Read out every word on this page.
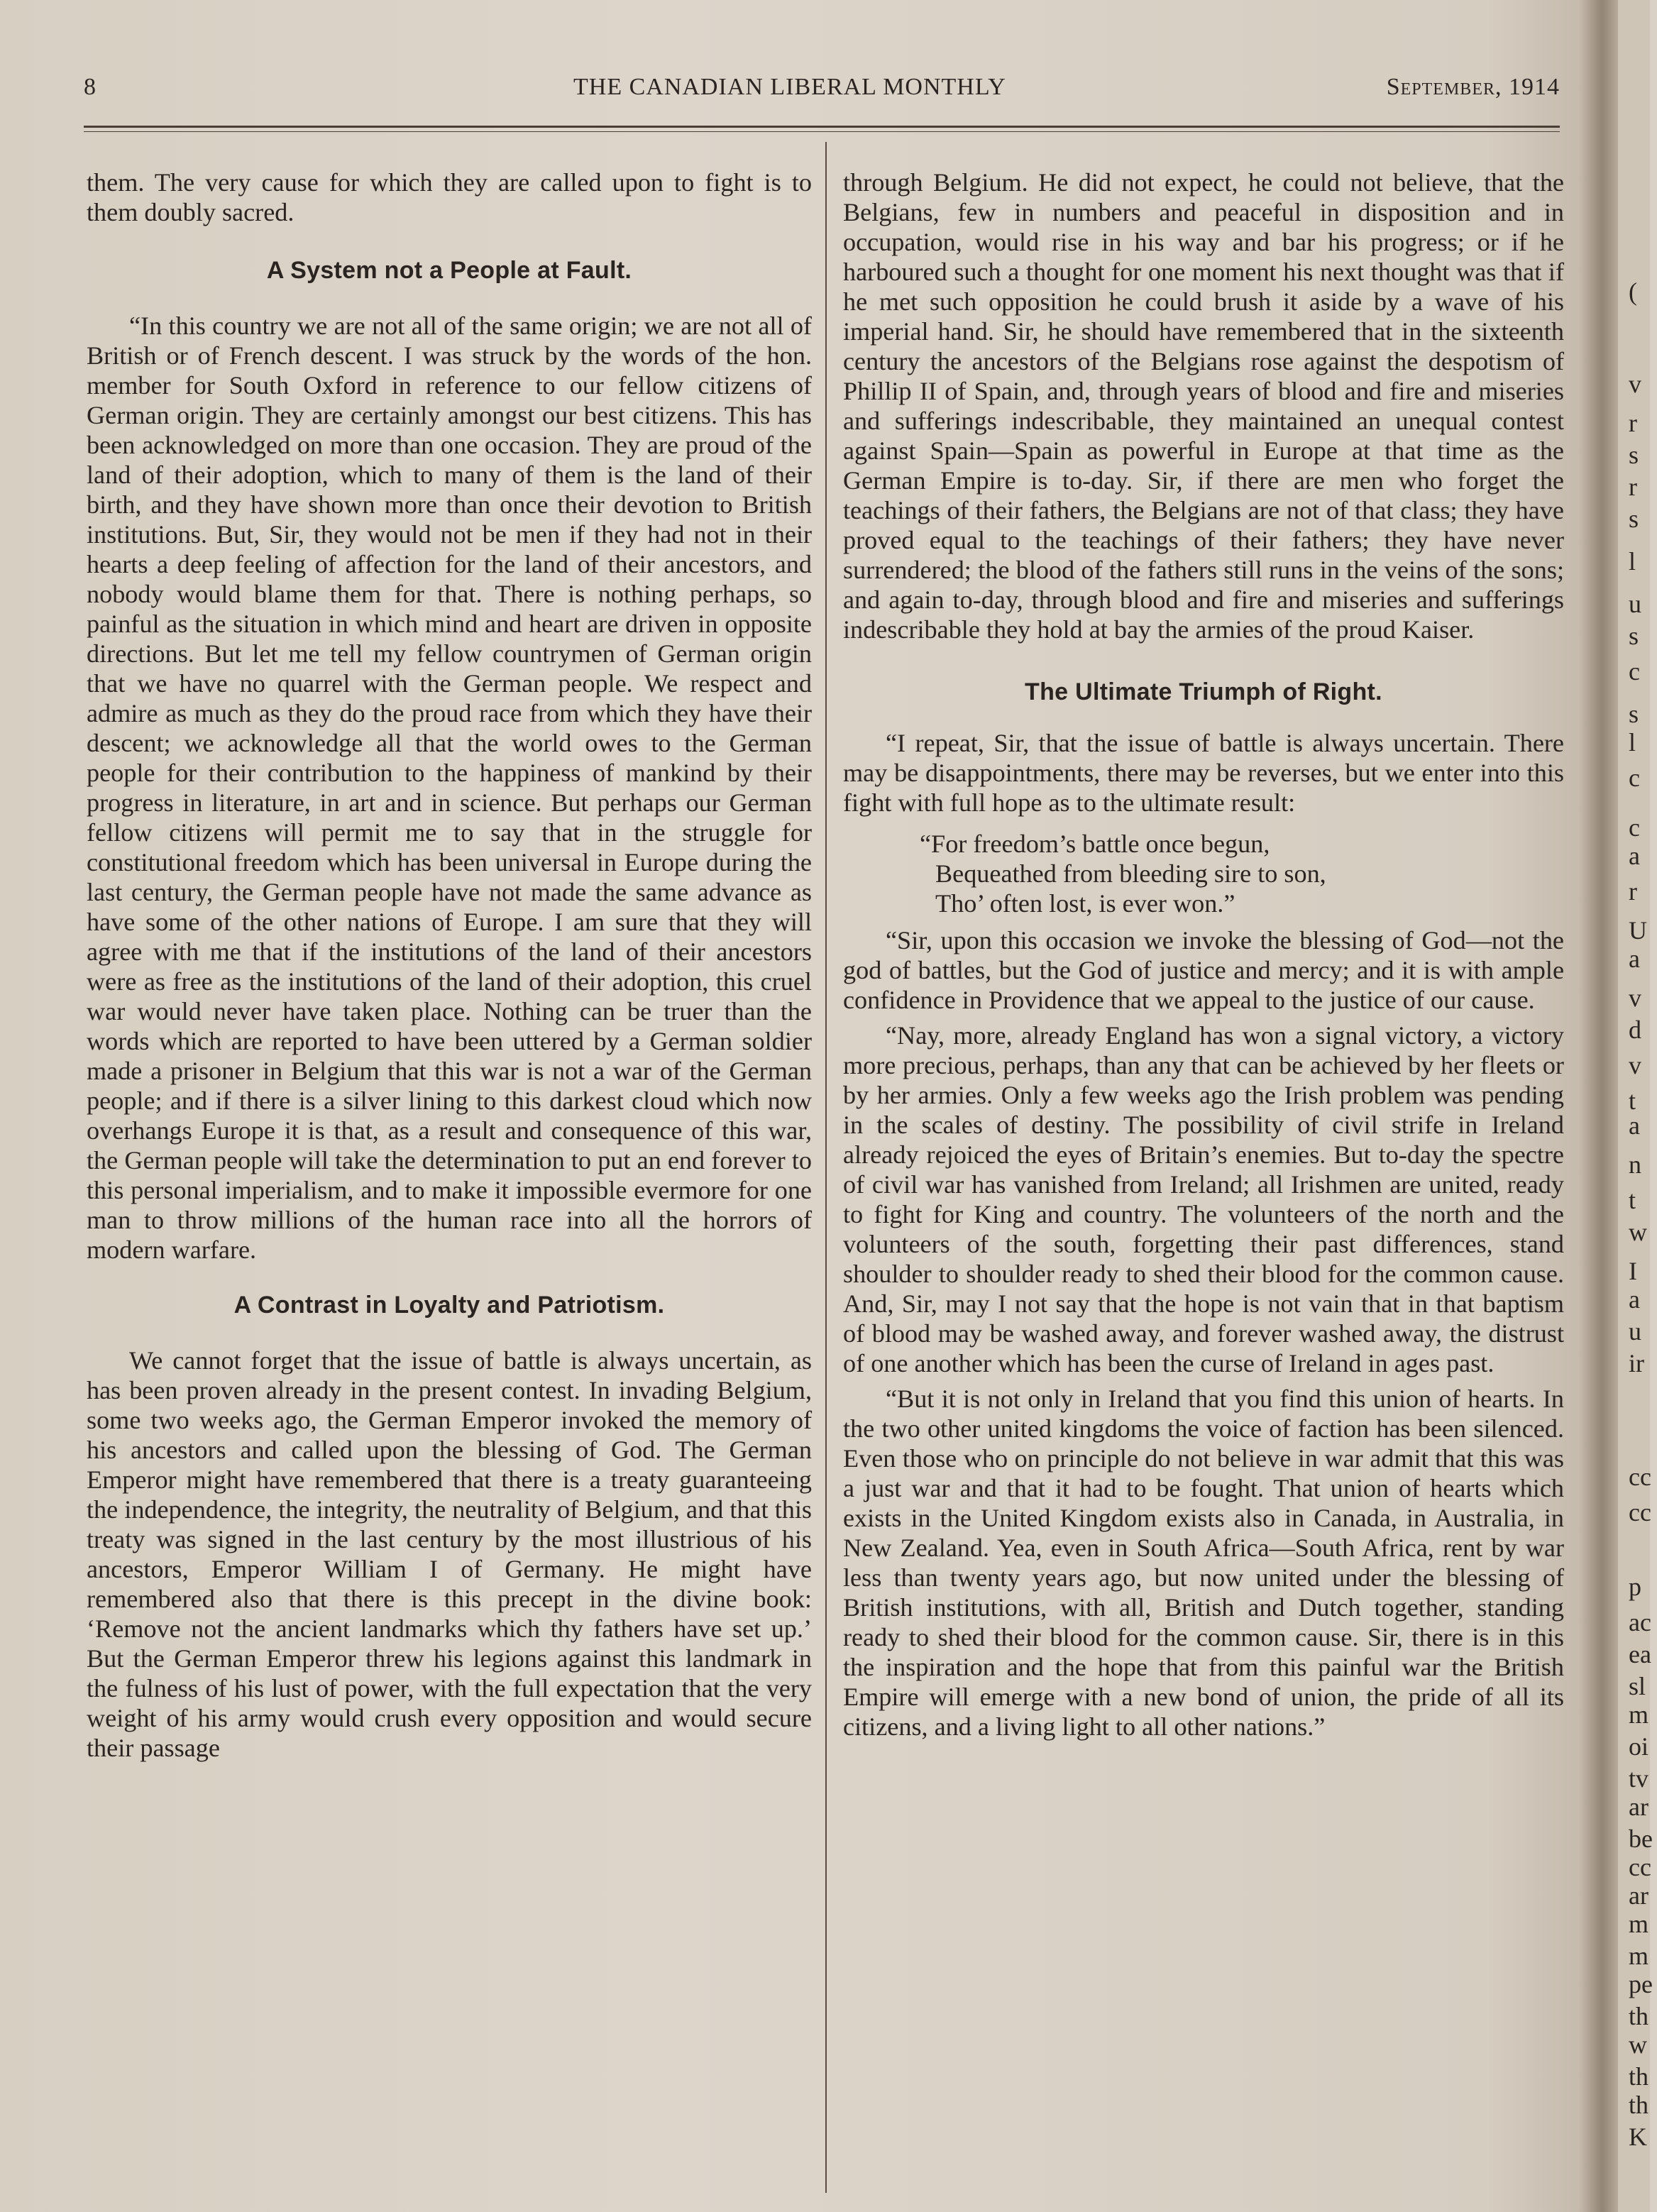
8	THE CANADIAN LIBERAL MONTHLY	September, 1914

them. The very cause for which they are called upon to fight is to them doubly sacred.

A System not a People at Fault.

“In this country we are not all of the same origin; we are not all of British or of French descent. I was struck by the words of the hon. member for South Oxford in reference to our fellow citizens of German origin. They are certainly amongst our best citizens. This has been acknowledged on more than one occasion. They are proud of the land of their adoption, which to many of them is the land of their birth, and they have shown more than once their devotion to British institutions. But, Sir, they would not be men if they had not in their hearts a deep feeling of affection for the land of their ancestors, and nobody would blame them for that. There is nothing perhaps, so painful as the situation in which mind and heart are driven in opposite directions. But let me tell my fellow countrymen of German origin that we have no quarrel with the German people. We respect and admire as much as they do the proud race from which they have their descent; we acknowledge all that the world owes to the German people for their contribution to the happiness of mankind by their progress in literature, in art and in science. But perhaps our German fellow citizens will permit me to say that in the struggle for constitutional freedom which has been universal in Europe during the last century, the German people have not made the same advance as have some of the other nations of Europe. I am sure that they will agree with me that if the institutions of the land of their ancestors were as free as the institutions of the land of their adoption, this cruel war would never have taken place. Nothing can be truer than the words which are reported to have been uttered by a German soldier made a prisoner in Belgium that this war is not a war of the German people; and if there is a silver lining to this darkest cloud which now overhangs Europe it is that, as a result and consequence of this war, the German people will take the determination to put an end forever to this personal imperialism, and to make it impossible evermore for one man to throw millions of the human race into all the horrors of modern warfare.

A Contrast in Loyalty and Patriotism.

We cannot forget that the issue of battle is always uncertain, as has been proven already in the present contest. In invading Belgium, some two weeks ago, the German Emperor invoked the memory of his ancestors and called upon the blessing of God. The German Emperor might have remembered that there is a treaty guaranteeing the independence, the integrity, the neutrality of Belgium, and that this treaty was signed in the last century by the most illustrious of his ancestors, Emperor William I of Germany. He might have remembered also that there is this precept in the divine book: ‘Remove not the ancient landmarks which thy fathers have set up.’ But the German Emperor threw his legions against this landmark in the fulness of his lust of power, with the full expectation that the very weight of his army would crush every opposition and would secure their passage

through Belgium. He did not expect, he could not believe, that the Belgians, few in numbers and peaceful in disposition and in occupation, would rise in his way and bar his progress; or if he harboured such a thought for one moment his next thought was that if he met such opposition he could brush it aside by a wave of his imperial hand. Sir, he should have remembered that in the sixteenth century the ancestors of the Belgians rose against the despotism of Phillip II of Spain, and, through years of blood and fire and miseries and sufferings indescribable, they maintained an unequal contest against Spain—Spain as powerful in Europe at that time as the German Empire is to-day. Sir, if there are men who forget the teachings of their fathers, the Belgians are not of that class; they have proved equal to the teachings of their fathers; they have never surrendered; the blood of the fathers still runs in the veins of the sons; and again to-day, through blood and fire and miseries and sufferings indescribable they hold at bay the armies of the proud Kaiser.

The Ultimate Triumph of Right.

“I repeat, Sir, that the issue of battle is always uncertain. There may be disappointments, there may be reverses, but we enter into this fight with full hope as to the ultimate result:

“For freedom’s battle once begun,
Bequeathed from bleeding sire to son,
Tho’ often lost, is ever won.”

“Sir, upon this occasion we invoke the blessing of God—not the god of battles, but the God of justice and mercy; and it is with ample confidence in Providence that we appeal to the justice of our cause.

“Nay, more, already England has won a signal victory, a victory more precious, perhaps, than any that can be achieved by her fleets or by her armies. Only a few weeks ago the Irish problem was pending in the scales of destiny. The possibility of civil strife in Ireland already rejoiced the eyes of Britain’s enemies. But to-day the spectre of civil war has vanished from Ireland; all Irishmen are united, ready to fight for King and country. The volunteers of the north and the volunteers of the south, forgetting their past differences, stand shoulder to shoulder ready to shed their blood for the common cause. And, Sir, may I not say that the hope is not vain that in that baptism of blood may be washed away, and forever washed away, the distrust of one another which has been the curse of Ireland in ages past.

“But it is not only in Ireland that you find this union of hearts. In the two other united kingdoms the voice of faction has been silenced. Even those who on principle do not believe in war admit that this was a just war and that it had to be fought. That union of hearts which exists in the United Kingdom exists also in Canada, in Australia, in New Zealand. Yea, even in South Africa—South Africa, rent by war less than twenty years ago, but now united under the blessing of British institutions, with all, British and Dutch together, standing ready to shed their blood for the common cause. Sir, there is in this the inspiration and the hope that from this painful war the British Empire will emerge with a new bond of union, the pride of all its citizens, and a living light to all other nations.”

(
v
r
s
r
s
l
u
s
c
s
l
c
c
a
r
U
a
v
d
v
t
a
n
t
w
I
a
u
ir
cc
cc
p
ac
ea
sl
m
oi
tv
ar
be
cc
ar
m
m
pe
th
w
th
th
K
